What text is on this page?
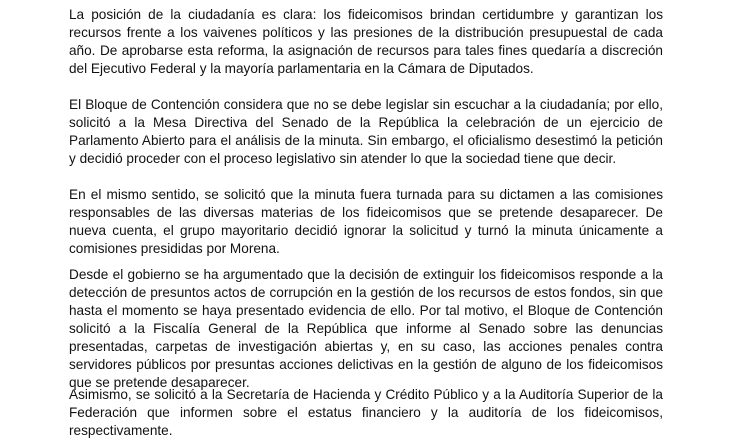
La posición de la ciudadanía es clara: los fideicomisos brindan certidumbre y garantizan los recursos frente a los vaivenes políticos y las presiones de la distribución presupuestal de cada año. De aprobarse esta reforma, la asignación de recursos para tales fines quedaría a discreción del Ejecutivo Federal y la mayoría parlamentaria en la Cámara de Diputados.

El Bloque de Contención considera que no se debe legislar sin escuchar a la ciudadanía; por ello, solicitó a la Mesa Directiva del Senado de la República la celebración de un ejercicio de Parlamento Abierto para el análisis de la minuta. Sin embargo, el oficialismo desestimó la petición y decidió proceder con el proceso legislativo sin atender lo que la sociedad tiene que decir.

En el mismo sentido, se solicitó que la minuta fuera turnada para su dictamen a las comisiones responsables de las diversas materias de los fideicomisos que se pretende desaparecer. De nueva cuenta, el grupo mayoritario decidió ignorar la solicitud y turnó la minuta únicamente a comisiones presididas por Morena.

Desde el gobierno se ha argumentado que la decisión de extinguir los fideicomisos responde a la detección de presuntos actos de corrupción en la gestión de los recursos de estos fondos, sin que hasta el momento se haya presentado evidencia de ello. Por tal motivo, el Bloque de Contención solicitó a la Fiscalía General de la República que informe al Senado sobre las denuncias presentadas, carpetas de investigación abiertas y, en su caso, las acciones penales contra servidores públicos por presuntas acciones delictivas en la gestión de alguno de los fideicomisos que se pretende desaparecer.

Asimismo, se solicitó a la Secretaría de Hacienda y Crédito Público y a la Auditoría Superior de la Federación que informen sobre el estatus financiero y la auditoría de los fideicomisos, respectivamente.
